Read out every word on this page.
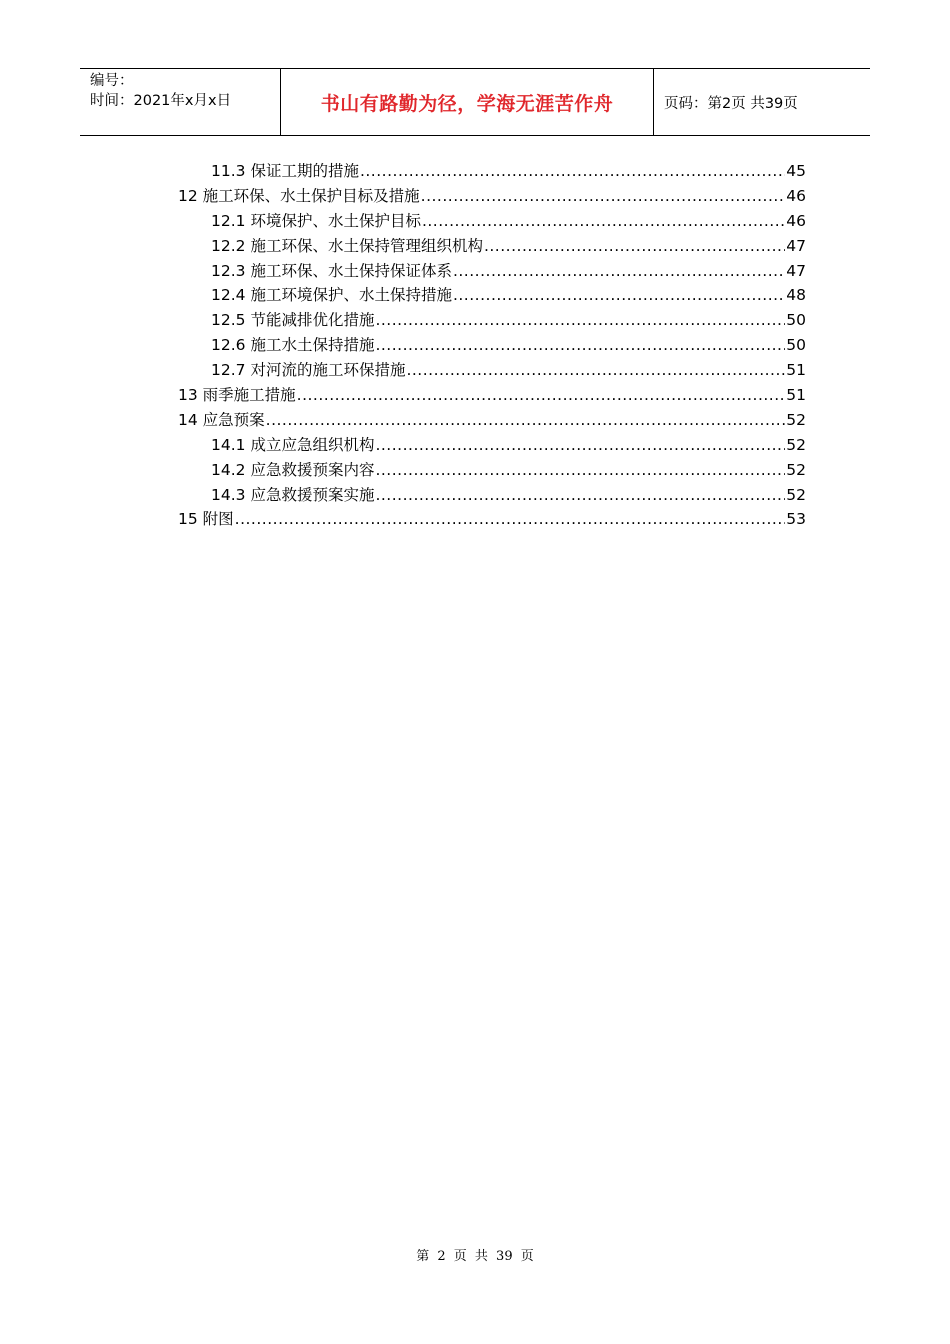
编号：
时间：2021年x月x日	书山有路勤为径，学海无涯苦作舟	页码：第2页 共39页
11.3 保证工期的措施 .....	45
12 施工环保、水土保护目标及措施 .....	46
12.1 环境保护、水土保护目标 .....	46
12.2 施工环保、水土保持管理组织机构 .....	47
12.3 施工环保、水土保持保证体系 .....	47
12.4 施工环境保护、水土保持措施 .....	48
12.5 节能减排优化措施 .....	50
12.6 施工水土保持措施 .....	50
12.7 对河流的施工环保措施 .....	51
13 雨季施工措施 .....	51
14 应急预案 .....	52
14.1 成立应急组织机构 .....	52
14.2 应急救援预案内容 .....	52
14.3 应急救援预案实施 .....	52
15 附图 .....	53
第 2 页 共 39 页
